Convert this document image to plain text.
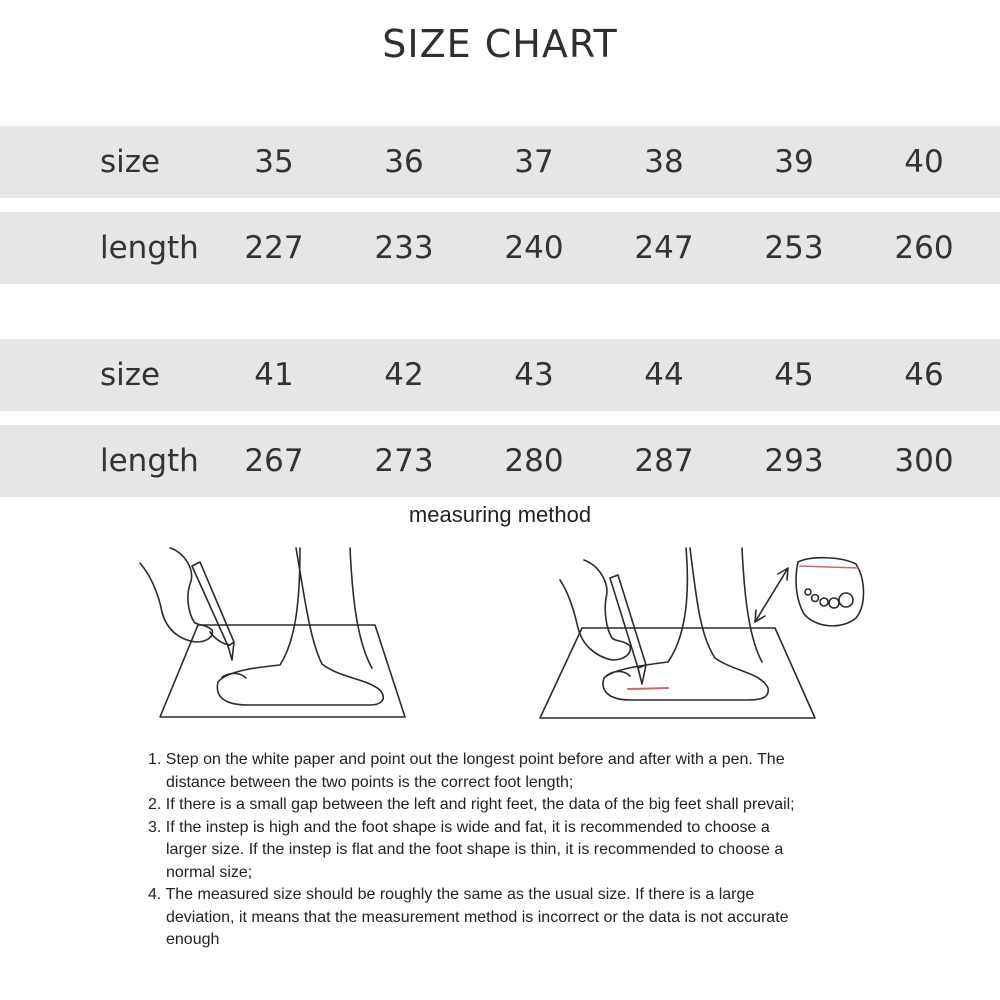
SIZE CHART
size	35	36	37	38	39	40
length	227	233	240	247	253	260
size	41	42	43	44	45	46
length	267	273	280	287	293	300
measuring method
1. Step on the white paper and point out the longest point before and after with a pen. The distance between the two points is the correct foot length;
2. If there is a small gap between the left and right feet, the data of the big feet shall prevail;
3. If the instep is high and the foot shape is wide and fat, it is recommended to choose a larger size. If the instep is flat and the foot shape is thin, it is recommended to choose a normal size;
4. The measured size should be roughly the same as the usual size. If there is a large deviation, it means that the measurement method is incorrect or the data is not accurate enough
